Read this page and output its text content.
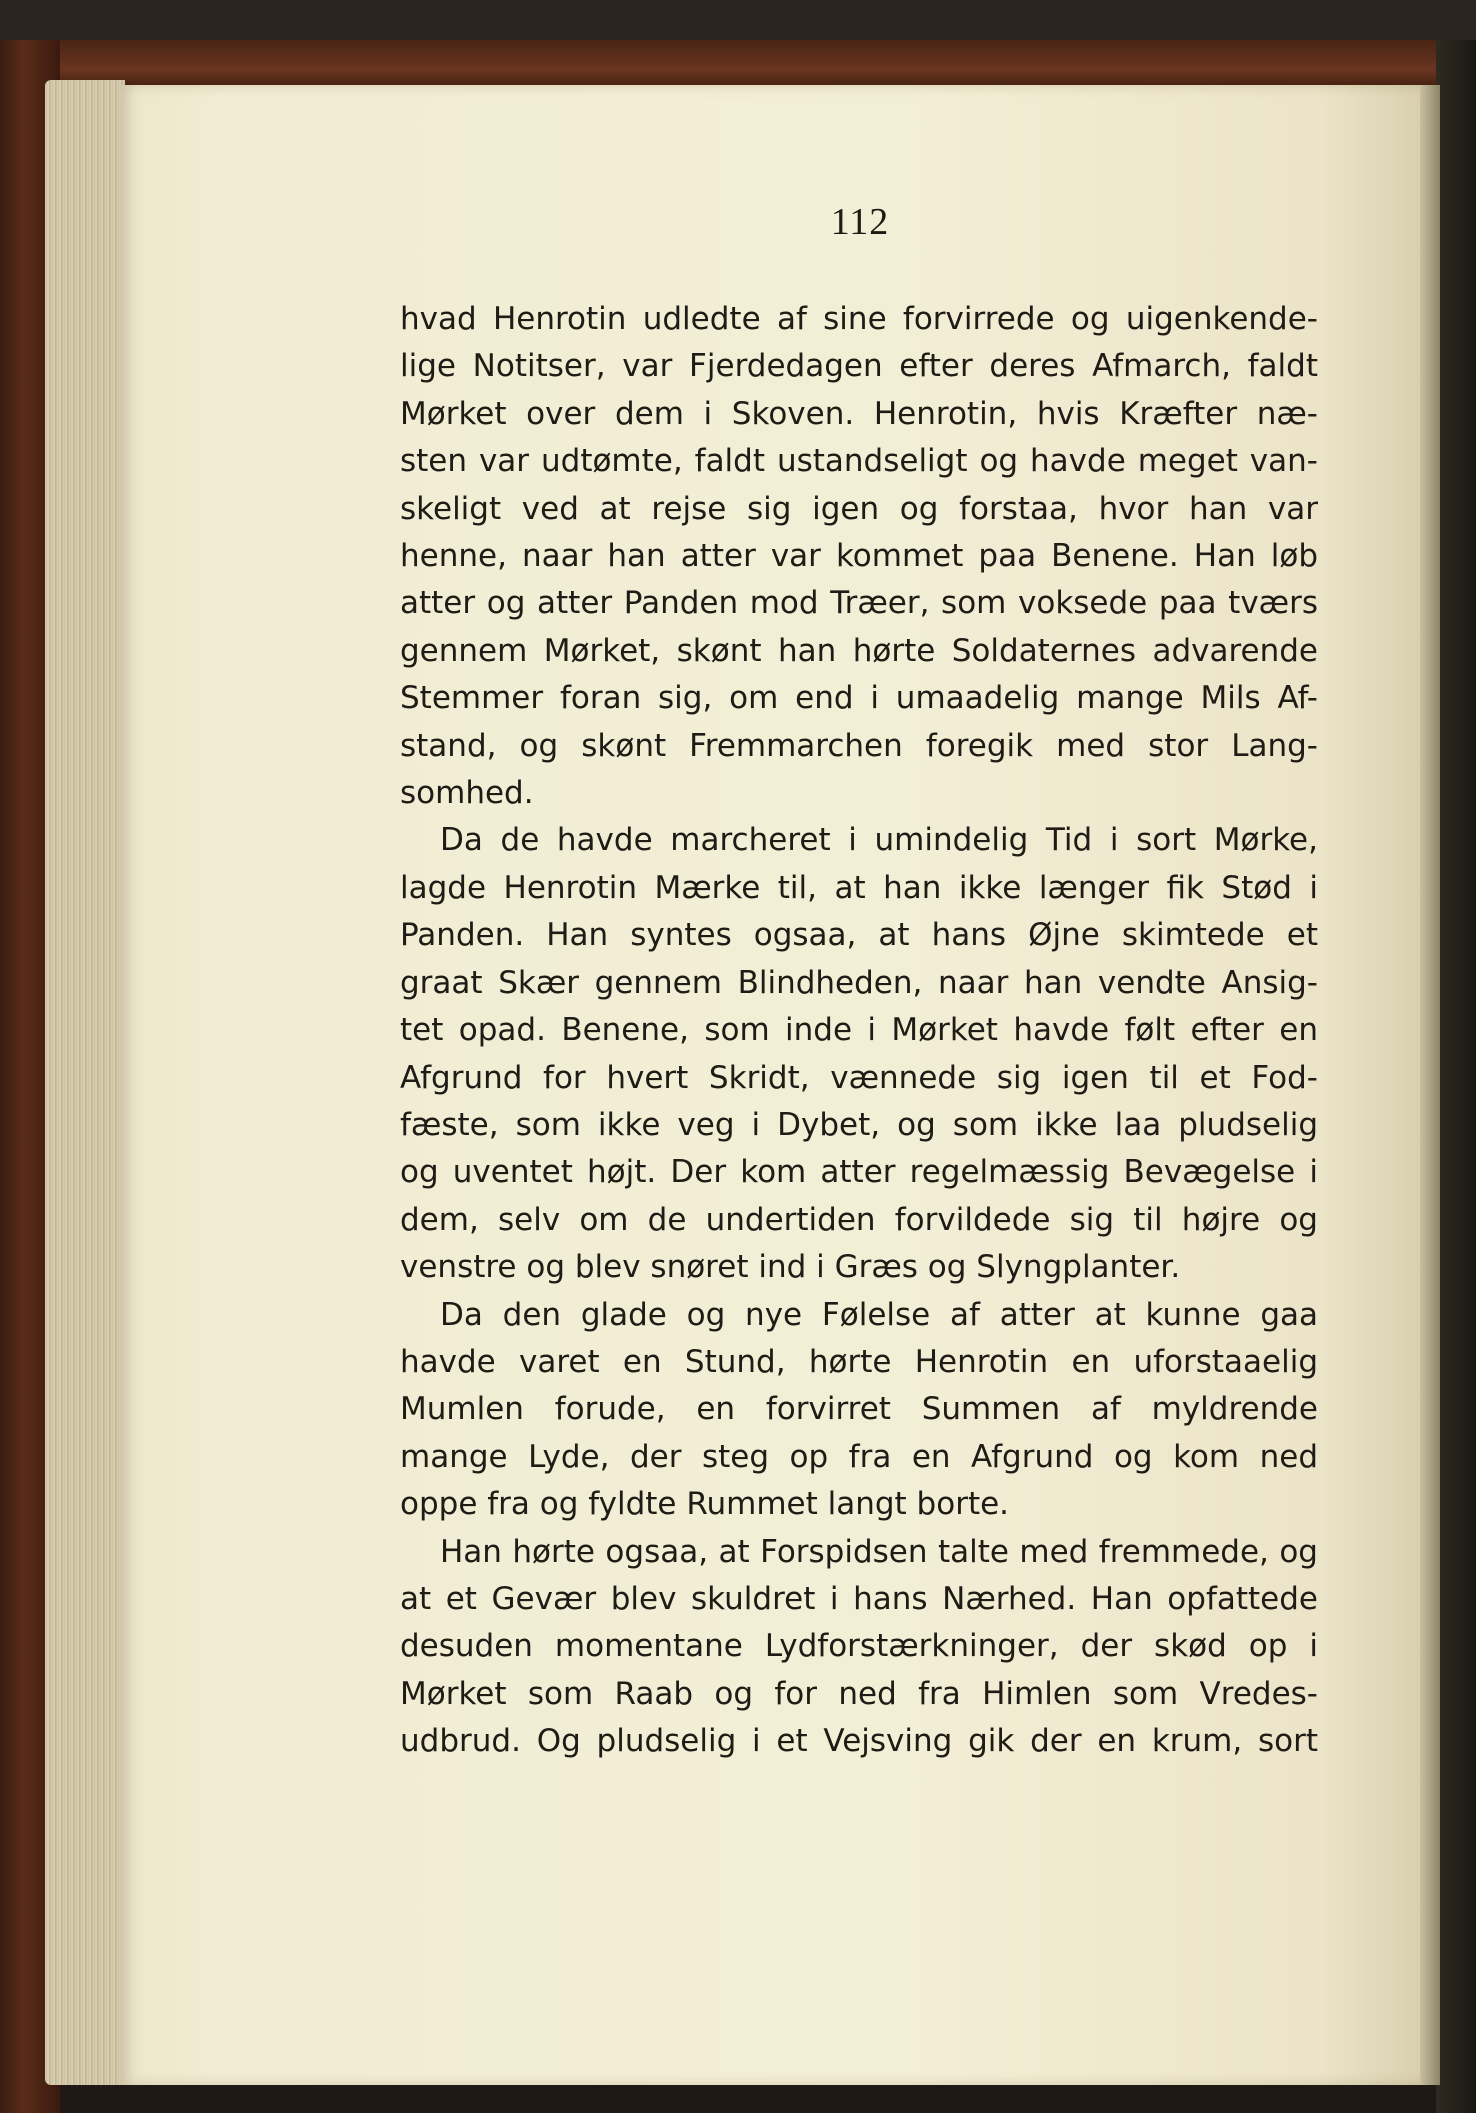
112
hvad Henrotin udledte af sine forvirrede og uigenkende-
lige Notitser, var Fjerdedagen efter deres Afmarch, faldt
Mørket over dem i Skoven. Henrotin, hvis Kræfter næ-
sten var udtømte, faldt ustandseligt og havde meget van-
skeligt ved at rejse sig igen og forstaa, hvor han var
henne, naar han atter var kommet paa Benene. Han løb
atter og atter Panden mod Træer, som voksede paa tværs
gennem Mørket, skønt han hørte Soldaternes advarende
Stemmer foran sig, om end i umaadelig mange Mils Af-
stand, og skønt Fremmarchen foregik med stor Lang-
somhed.
Da de havde marcheret i umindelig Tid i sort Mørke,
lagde Henrotin Mærke til, at han ikke længer fik Stød i
Panden. Han syntes ogsaa, at hans Øjne skimtede et
graat Skær gennem Blindheden, naar han vendte Ansig-
tet opad. Benene, som inde i Mørket havde følt efter en
Afgrund for hvert Skridt, vænnede sig igen til et Fod-
fæste, som ikke veg i Dybet, og som ikke laa pludselig
og uventet højt. Der kom atter regelmæssig Bevægelse i
dem, selv om de undertiden forvildede sig til højre og
venstre og blev snøret ind i Græs og Slyngplanter.
Da den glade og nye Følelse af atter at kunne gaa
havde varet en Stund, hørte Henrotin en uforstaaelig
Mumlen forude, en forvirret Summen af myldrende
mange Lyde, der steg op fra en Afgrund og kom ned
oppe fra og fyldte Rummet langt borte.
Han hørte ogsaa, at Forspidsen talte med fremmede, og
at et Gevær blev skuldret i hans Nærhed. Han opfattede
desuden momentane Lydforstærkninger, der skød op i
Mørket som Raab og for ned fra Himlen som Vredes-
udbrud. Og pludselig i et Vejsving gik der en krum, sort
